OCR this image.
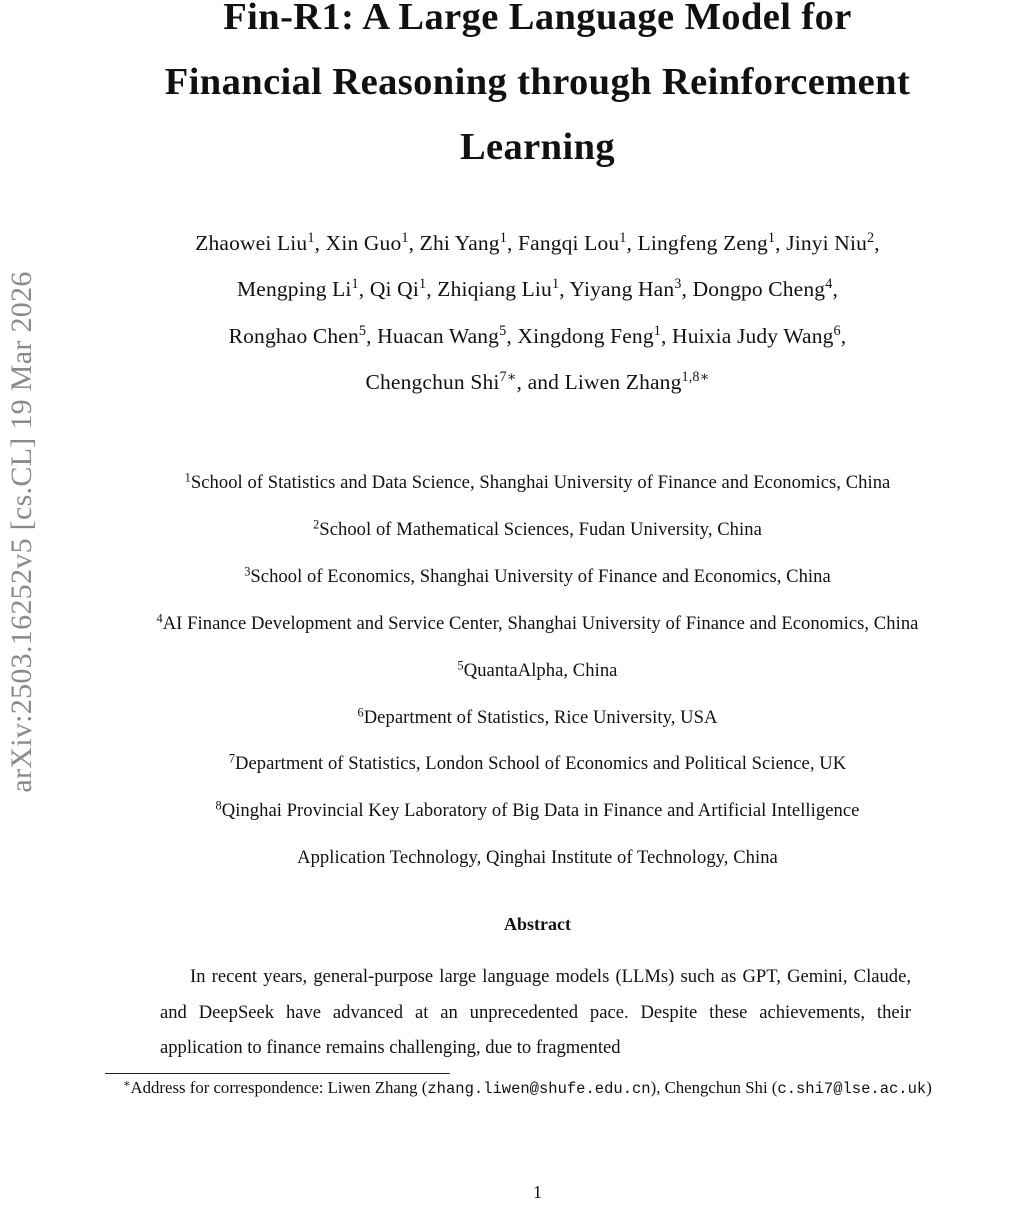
arXiv:2503.16252v5 [cs.CL] 19 Mar 2026
Fin-R1: A Large Language Model for
Financial Reasoning through Reinforcement
Learning
Zhaowei Liu$^1$, Xin Guo$^1$, Zhi Yang$^1$, Fangqi Lou$^1$, Lingfeng Zeng$^1$, Jinyi Niu$^2$,
Mengping Li$^1$, Qi Qi$^1$, Zhiqiang Liu$^1$, Yiyang Han$^3$, Dongpo Cheng$^4$,
Ronghao Chen$^5$, Huacan Wang$^5$, Xingdong Feng$^1$, Huixia Judy Wang$^6$,
Chengchun Shi$^{7∗}$, and Liwen Zhang$^{1,8∗}$
$^1$School of Statistics and Data Science, Shanghai University of Finance and Economics, China
$^2$School of Mathematical Sciences, Fudan University, China
$^3$School of Economics, Shanghai University of Finance and Economics, China
$^4$AI Finance Development and Service Center, Shanghai University of Finance and Economics, China
$^5$QuantaAlpha, China
$^6$Department of Statistics, Rice University, USA
$^7$Department of Statistics, London School of Economics and Political Science, UK
$^8$Qinghai Provincial Key Laboratory of Big Data in Finance and Artificial Intelligence
Application Technology, Qinghai Institute of Technology, China
Abstract
In recent years, general-purpose large language models (LLMs) such as GPT, Gemini, Claude, and DeepSeek have advanced at an unprecedented pace. Despite these achievements, their application to finance remains challenging, due to fragmented
∗Address for correspondence: Liwen Zhang (zhang.liwen@shufe.edu.cn), Chengchun Shi (c.shi7@lse.ac.uk)
1
